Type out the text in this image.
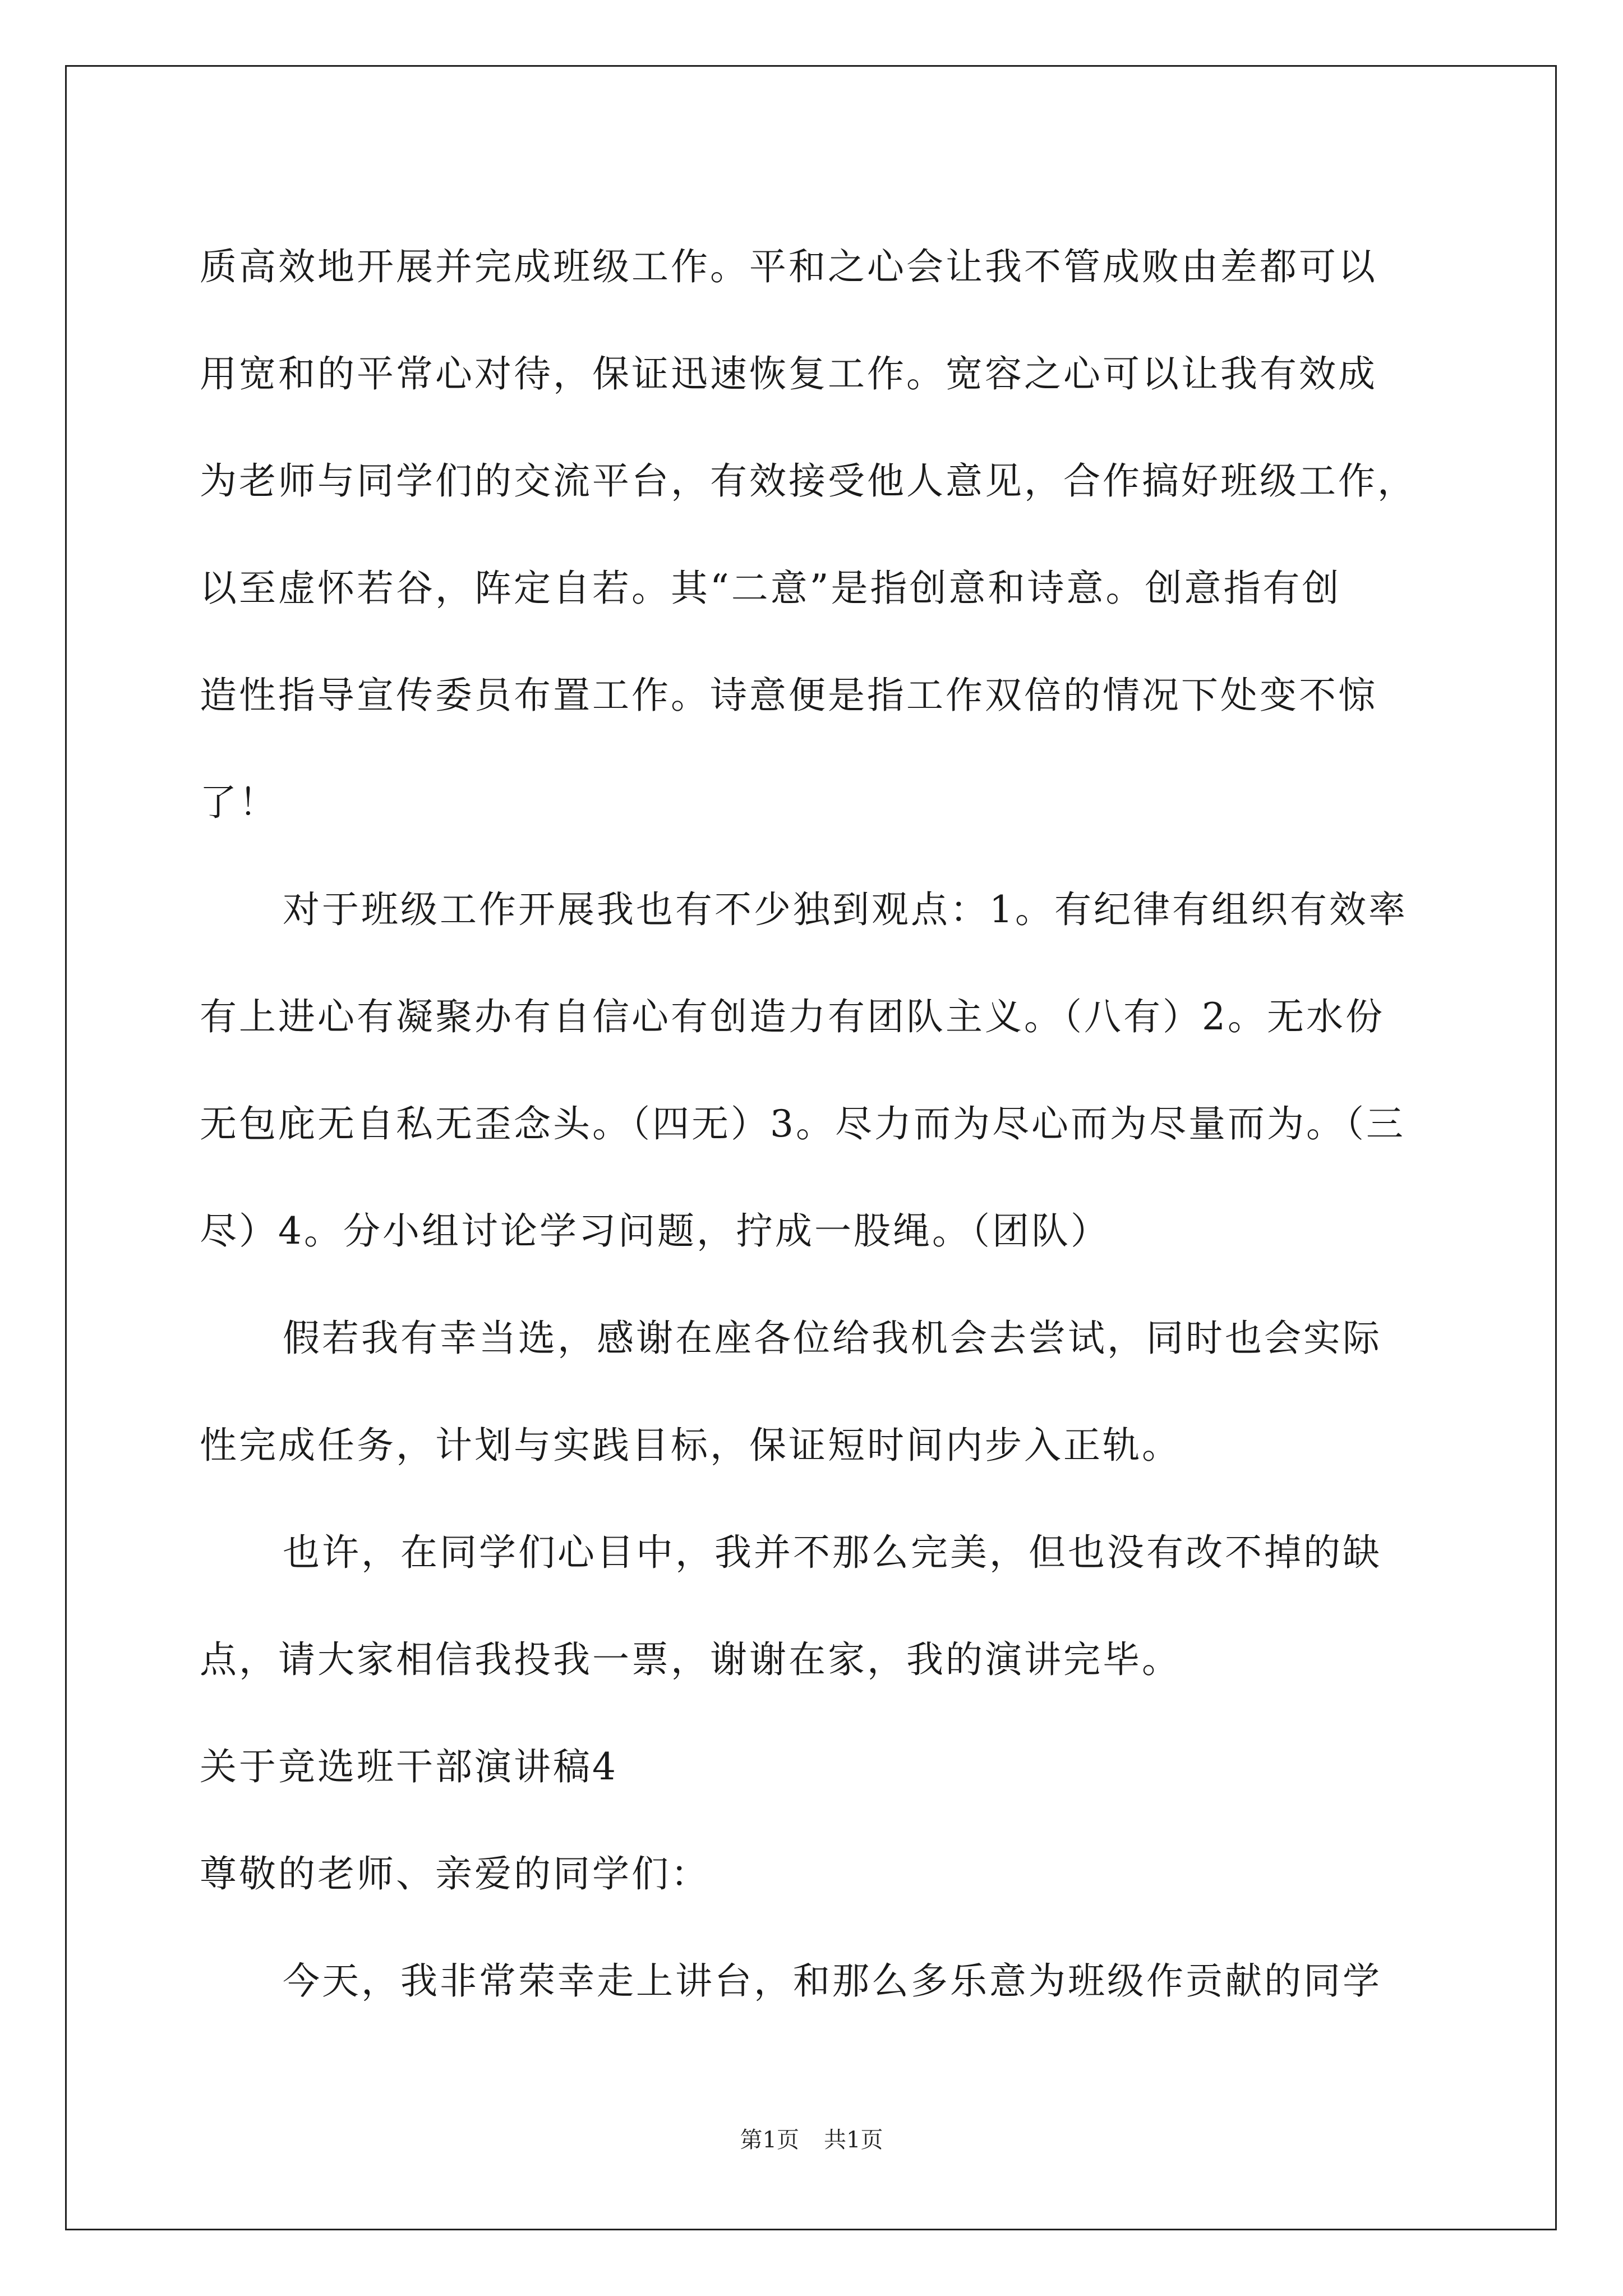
质高效地开展并完成班级工作。平和之心会让我不管成败由差都可以
用宽和的平常心对待，保证迅速恢复工作。宽容之心可以让我有效成
为老师与同学们的交流平台，有效接受他人意见，合作搞好班级工作，
以至虚怀若谷，阵定自若。其“二意”是指创意和诗意。创意指有创
造性指导宣传委员布置工作。诗意便是指工作双倍的情况下处变不惊
了！
对于班级工作开展我也有不少独到观点：1。有纪律有组织有效率
有上进心有凝聚办有自信心有创造力有团队主义。（八有）2。无水份
无包庇无自私无歪念头。（四无）3。尽力而为尽心而为尽量而为。（三
尽）4。分小组讨论学习问题，拧成一股绳。（团队）
假若我有幸当选，感谢在座各位给我机会去尝试，同时也会实际
性完成任务，计划与实践目标，保证短时间内步入正轨。
也许，在同学们心目中，我并不那么完美，但也没有改不掉的缺
点，请大家相信我投我一票，谢谢在家，我的演讲完毕。
关于竞选班干部演讲稿4
尊敬的老师、亲爱的同学们：
今天，我非常荣幸走上讲台，和那么多乐意为班级作贡献的同学
第1页 共1页
